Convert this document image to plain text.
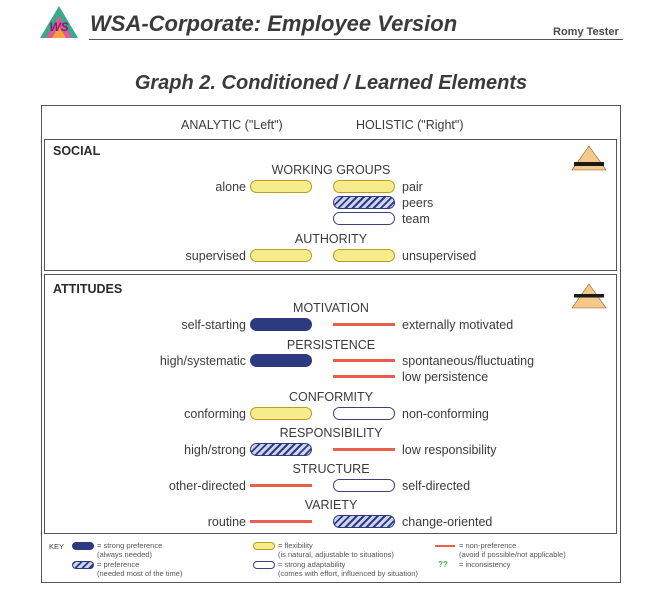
WS WSA-Corporate: Employee Version	Romy Tester
Graph 2. Conditioned / Learned Elements
ANALYTIC ("Left")	HOLISTIC ("Right")
SOCIAL
WORKING GROUPS
alone	pair
peers
team
AUTHORITY
supervised	unsupervised
ATTITUDES
MOTIVATION
self-starting	externally motivated
PERSISTENCE
high/systematic	spontaneous/fluctuating
low persistence
CONFORMITY
conforming	non-conforming
RESPONSIBILITY
high/strong	low responsibility
STRUCTURE
other-directed	self-directed
VARIETY
routine	change-oriented
KEY	= strong preference
(always needed)
= preference
(needed most of the time)
= flexibility
(is natural, adjustable to situations)
= strong adaptability
(comes with effort, influenced by situation)
= non-preference
(avoid if possible/not applicable)
?? = inconsistency
